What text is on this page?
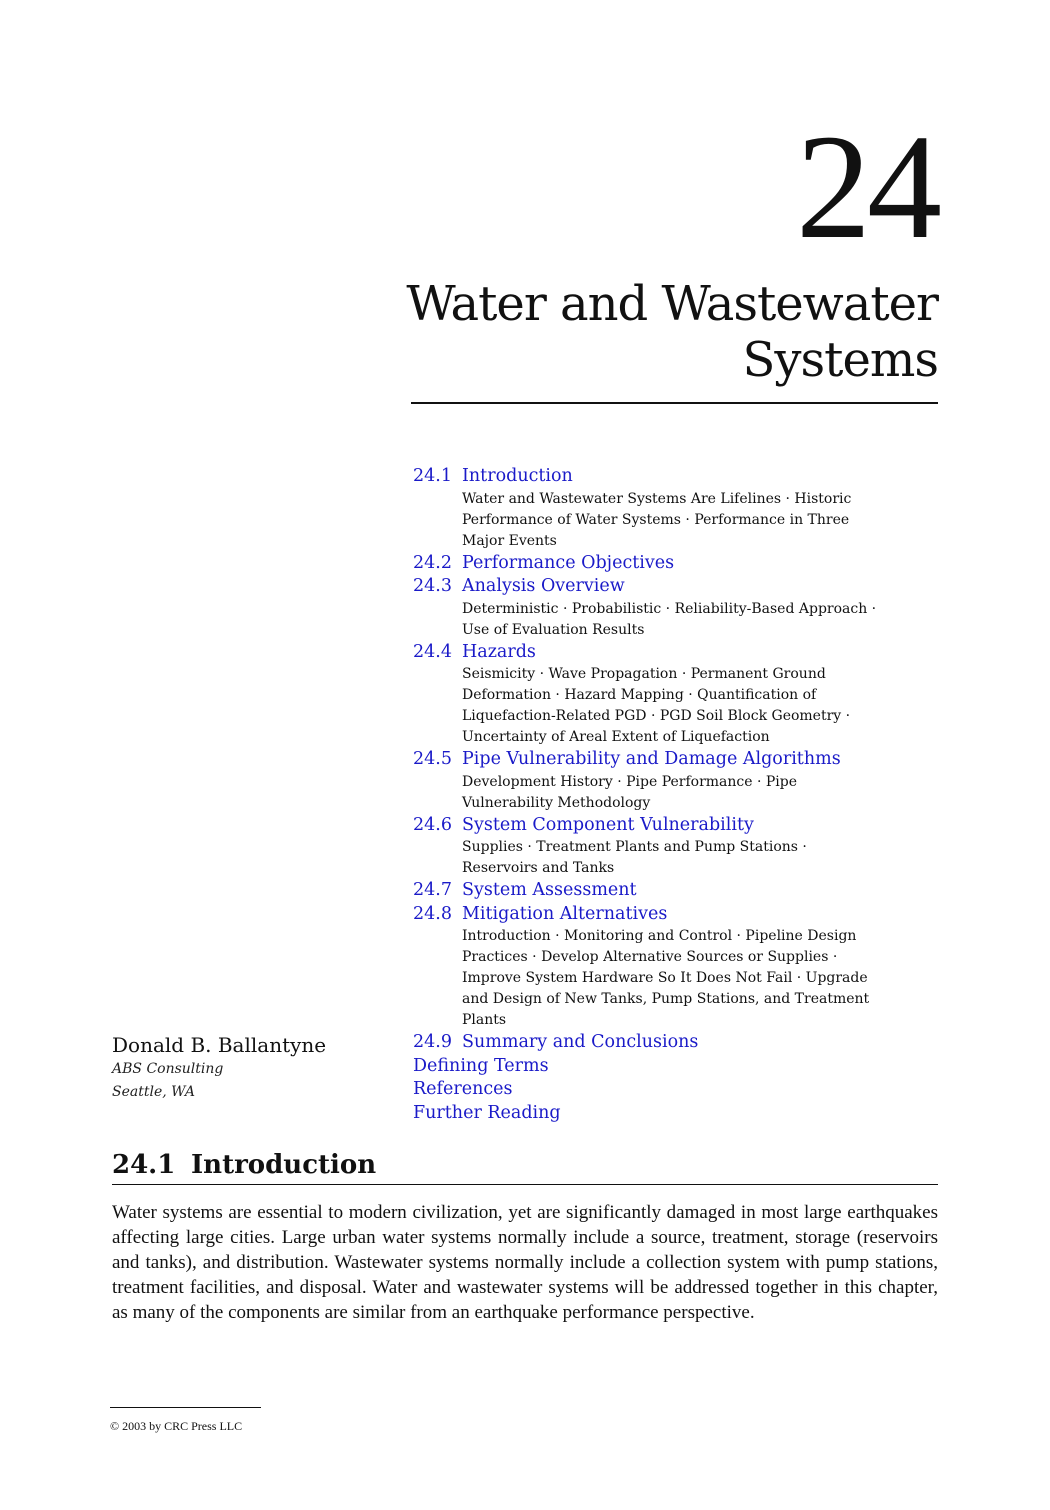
24
Water and Wastewater
Systems
24.1 Introduction
Water and Wastewater Systems Are Lifelines · Historic Performance of Water Systems · Performance in Three Major Events
24.2 Performance Objectives
24.3 Analysis Overview
Deterministic · Probabilistic · Reliability-Based Approach · Use of Evaluation Results
24.4 Hazards
Seismicity · Wave Propagation · Permanent Ground Deformation · Hazard Mapping · Quantification of Liquefaction-Related PGD · PGD Soil Block Geometry · Uncertainty of Areal Extent of Liquefaction
24.5 Pipe Vulnerability and Damage Algorithms
Development History · Pipe Performance · Pipe Vulnerability Methodology
24.6 System Component Vulnerability
Supplies · Treatment Plants and Pump Stations · Reservoirs and Tanks
24.7 System Assessment
24.8 Mitigation Alternatives
Introduction · Monitoring and Control · Pipeline Design Practices · Develop Alternative Sources or Supplies · Improve System Hardware So It Does Not Fail · Upgrade and Design of New Tanks, Pump Stations, and Treatment Plants
24.9 Summary and Conclusions
Defining Terms
References
Further Reading
Donald B. Ballantyne
ABS Consulting
Seattle, WA
24.1 Introduction
Water systems are essential to modern civilization, yet are significantly damaged in most large earthquakes affecting large cities. Large urban water systems normally include a source, treatment, storage (reservoirs and tanks), and distribution. Wastewater systems normally include a collection system with pump stations, treatment facilities, and disposal. Water and wastewater systems will be addressed together in this chapter, as many of the components are similar from an earthquake performance perspective.
© 2003 by CRC Press LLC
